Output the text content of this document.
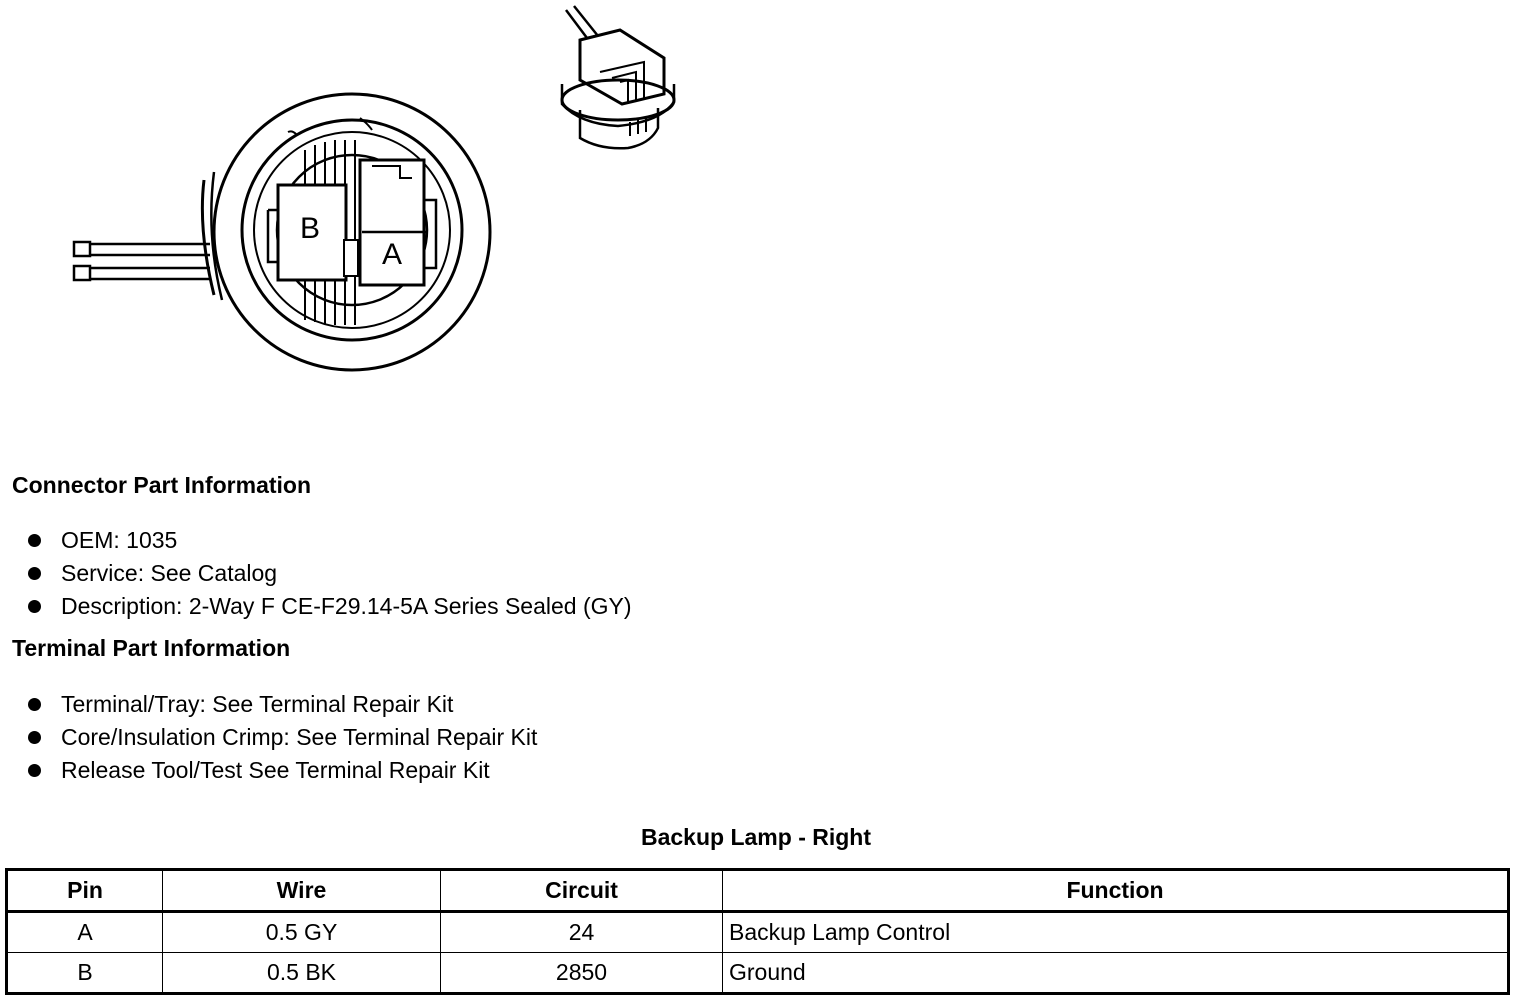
B
A
Connector Part Information
OEM: 1035
Service: See Catalog
Description: 2-Way F CE-F29.14-5A Series Sealed (GY)
Terminal Part Information
Terminal/Tray: See Terminal Repair Kit
Core/Insulation Crimp: See Terminal Repair Kit
Release Tool/Test See Terminal Repair Kit
Backup Lamp - Right
Pin	Wire	Circuit	Function
A	0.5 GY	24	Backup Lamp Control
B	0.5 BK	2850	Ground
